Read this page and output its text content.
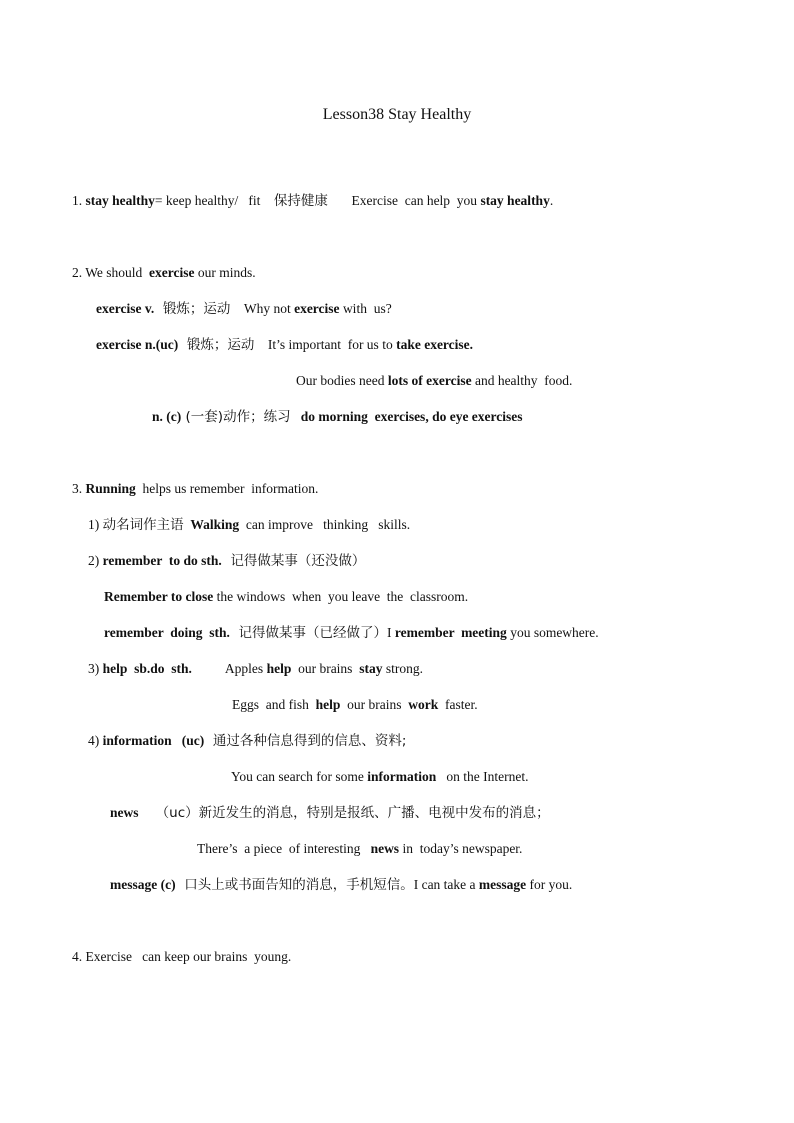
Lesson38 Stay Healthy
1. stay healthy= keep healthy/   fit    保持健康       Exercise  can help  you stay healthy.
2. We should  exercise our minds.
exercise v.  锻炼；运动    Why not exercise with  us?
exercise n.(uc)  锻炼；运动    It’s important  for us to take exercise.
Our bodies need lots of exercise and healthy  food.
n. (c) (一套)动作；练习   do morning  exercises, do eye exercises
3. Running  helps us remember  information.
1) 动名词作主语 Walking  can improve   thinking   skills.
2) remember  to do sth.  记得做某事（还没做）
Remember to close the windows  when  you leave  the  classroom.
remember  doing  sth.  记得做某事（已经做了）I remember  meeting you somewhere.
3) help  sb.do  sth.          Apples help  our brains  stay strong.
Eggs  and fish  help  our brains  work  faster.
4) information   (uc)  通过各种信息得到的信息、资料;
You can search for some information   on the Internet.
news    （uc）新近发生的消息，特别是报纸、广播、电视中发布的消息；
There’s  a piece  of interesting   news in  today’s newspaper.
message (c)  口头上或书面告知的消息，手机短信。I can take a message for you.
4. Exercise   can keep our brains  young.
